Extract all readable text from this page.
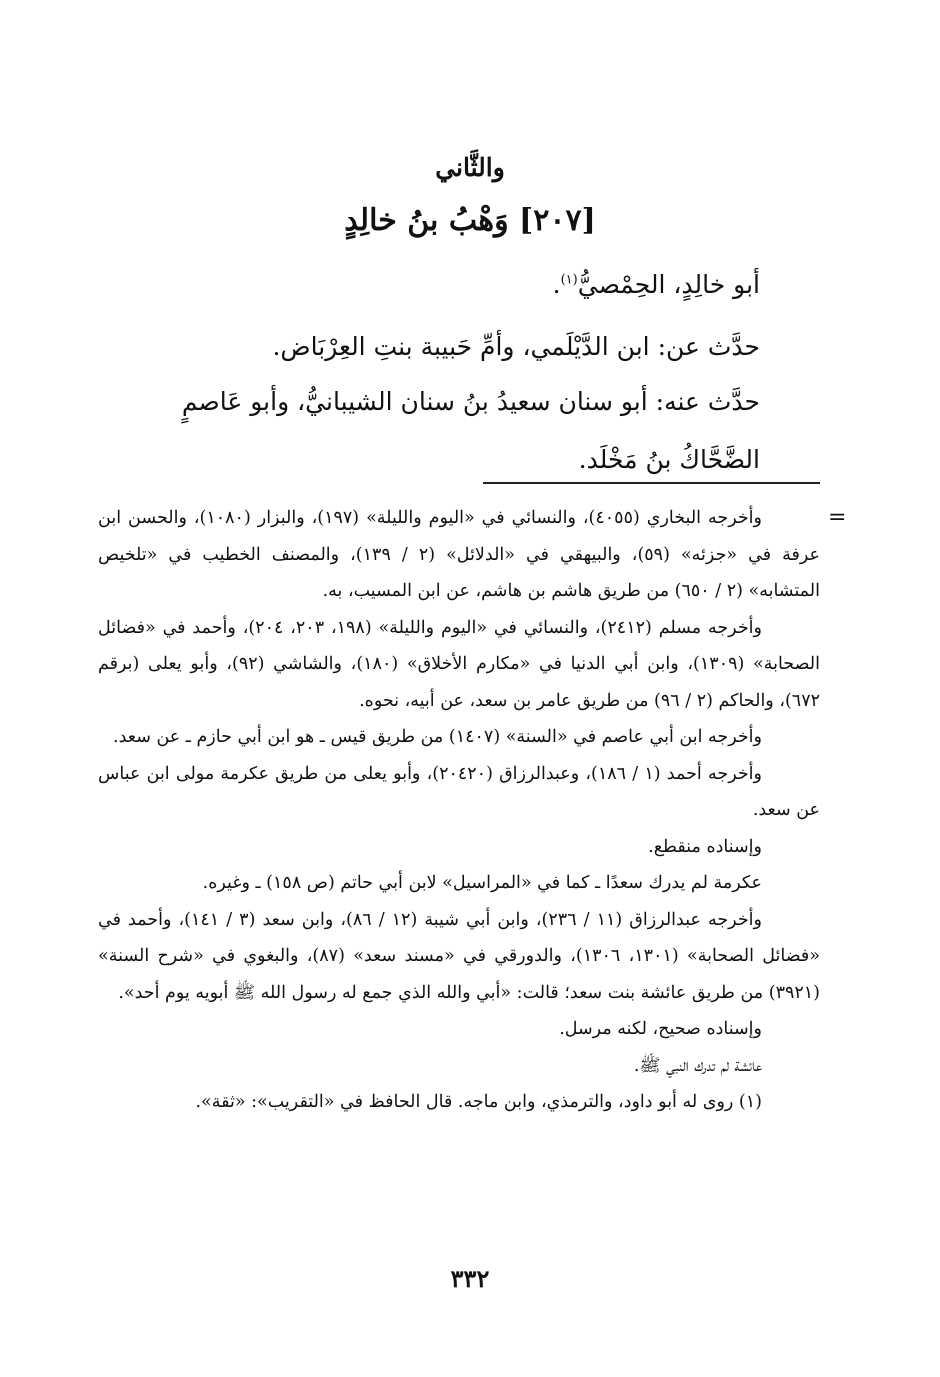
والثَّاني
[٢٠٧] وَهْبُ بنُ خالِدٍ

أبو خالِدٍ، الحِمْصيُّ$^{(١)}$.

حدَّث عن: ابن الدَّيْلَمي، وأمِّ حَبيبة بنتِ العِرْبَاض.

حدَّث عنه: أبو سنان سعيدُ بنُ سنان الشيبانيُّ، وأبو عَاصمٍ الضَّحَّاكُ بنُ مَخْلَد.

=

وأخرجه البخاري (٤٠٥٥)، والنسائي في «اليوم والليلة» (١٩٧)، والبزار (١٠٨٠)، والحسن ابن عرفة في «جزئه» (٥٩)، والبيهقي في «الدلائل» (٢ / ١٣٩)، والمصنف الخطيب في «تلخيص المتشابه» (٢ / ٦٥٠) من طريق هاشم بن هاشم، عن ابن المسيب، به.

وأخرجه مسلم (٢٤١٢)، والنسائي في «اليوم والليلة» (١٩٨، ٢٠٣، ٢٠٤)، وأحمد في «فضائل الصحابة» (١٣٠٩)، وابن أبي الدنيا في «مكارم الأخلاق» (١٨٠)، والشاشي (٩٢)، وأبو يعلى (برقم ٦٧٢)، والحاكم (٢ / ٩٦) من طريق عامر بن سعد، عن أبيه، نحوه.

وأخرجه ابن أبي عاصم في «السنة» (١٤٠٧) من طريق قيس ـ هو ابن أبي حازم ـ عن سعد.

وأخرجه أحمد (١ / ١٨٦)، وعبدالرزاق (٢٠٤٢٠)، وأبو يعلى من طريق عكرمة مولى ابن عباس عن سعد.

وإسناده منقطع.

عكرمة لم يدرك سعدًا ـ كما في «المراسيل» لابن أبي حاتم (ص ١٥٨) ـ وغيره.

وأخرجه عبدالرزاق (١١ / ٢٣٦)، وابن أبي شيبة (١٢ / ٨٦)، وابن سعد (٣ / ١٤١)، وأحمد في «فضائل الصحابة» (١٣٠١، ١٣٠٦)، والدورقي في «مسند سعد» (٨٧)، والبغوي في «شرح السنة» (٣٩٢١) من طريق عائشة بنت سعد؛ قالت: «أبي والله الذي جمع له رسول الله ﷺ أبويه يوم أحد».

وإسناده صحيح، لكنه مرسل.

عائشة لم تدرك النبي ﷺ.

(١) روى له أبو داود، والترمذي، وابن ماجه. قال الحافظ في «التقريب»: «ثقة».

٣٣٢
